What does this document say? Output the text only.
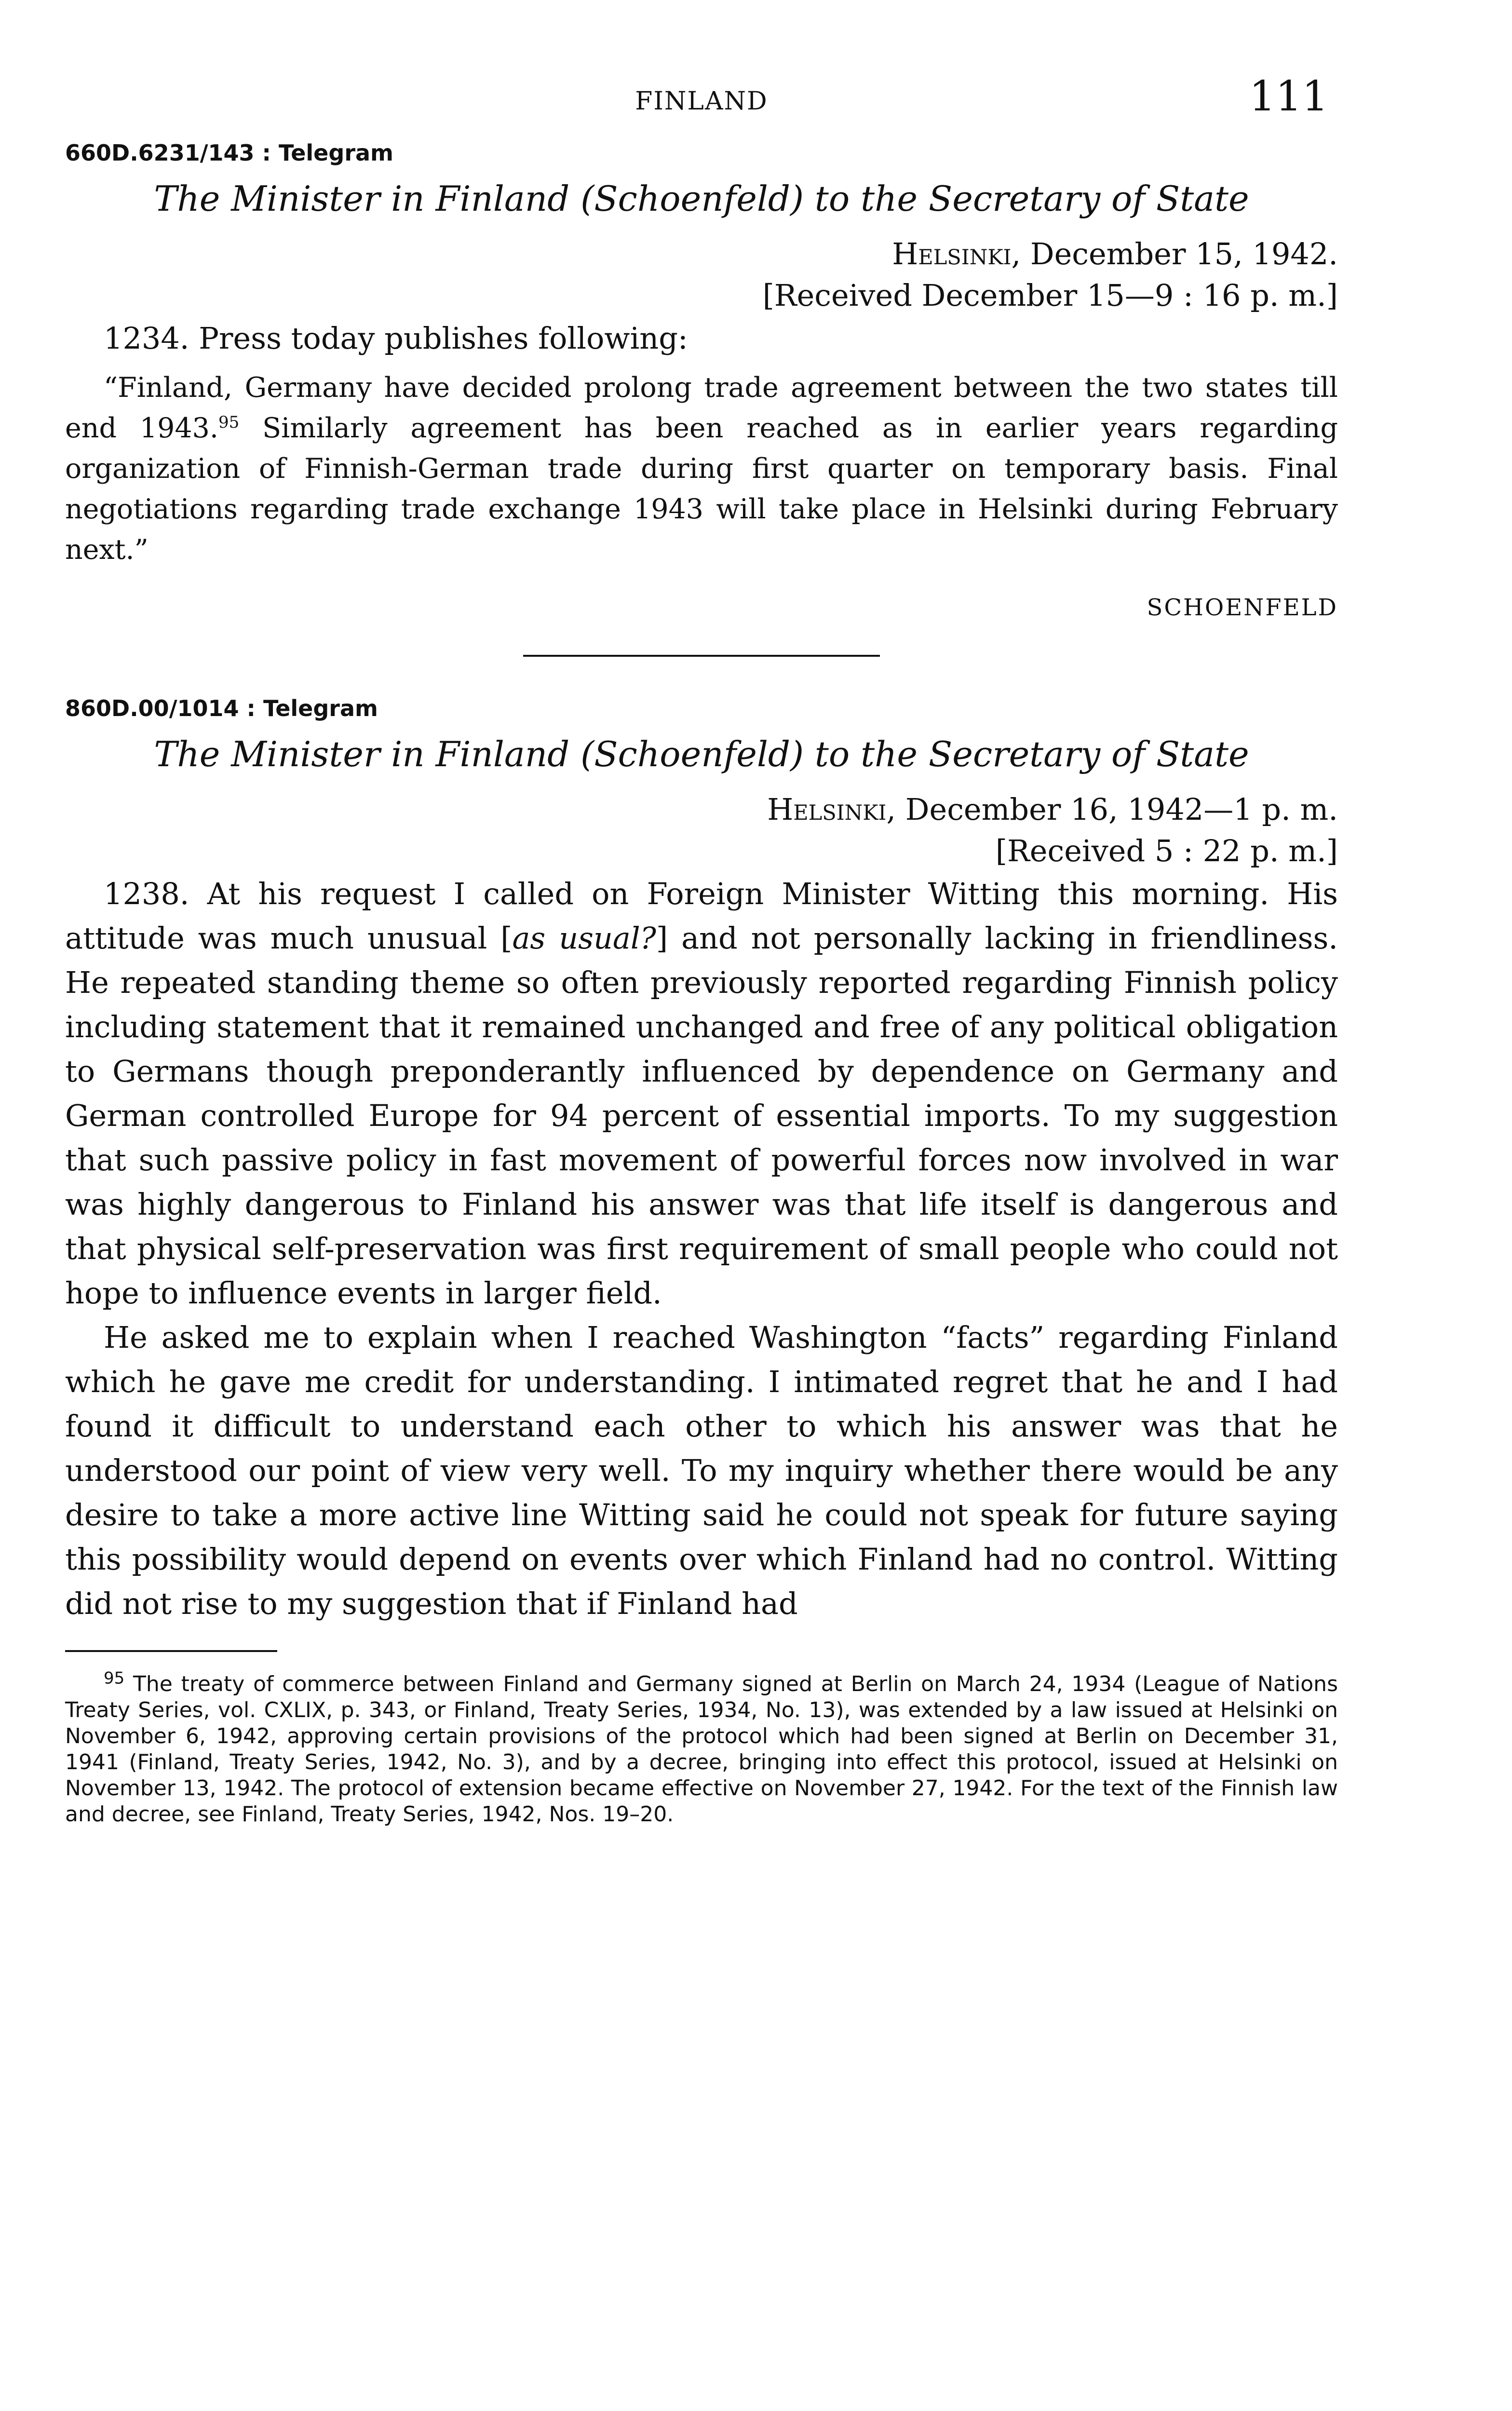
FINLAND	111

660D.6231/143 : Telegram

The Minister in Finland (Schoenfeld) to the Secretary of State

Helsinki, December 15, 1942.
[Received December 15—9 : 16 p. m.]

1234. Press today publishes following:

“Finland, Germany have decided prolong trade agreement between the two states till end 1943.95 Similarly agreement has been reached as in earlier years regarding organization of Finnish-German trade during first quarter on temporary basis. Final negotiations regarding trade exchange 1943 will take place in Helsinki during February next.”

SCHOENFELD

860D.00/1014 : Telegram

The Minister in Finland (Schoenfeld) to the Secretary of State

Helsinki, December 16, 1942—1 p. m.
[Received 5 : 22 p. m.]

1238. At his request I called on Foreign Minister Witting this morning. His attitude was much unusual [as usual?] and not personally lacking in friendliness. He repeated standing theme so often previously reported regarding Finnish policy including statement that it remained unchanged and free of any political obligation to Germans though preponderantly influenced by dependence on Germany and German controlled Europe for 94 percent of essential imports. To my suggestion that such passive policy in fast movement of powerful forces now involved in war was highly dangerous to Finland his answer was that life itself is dangerous and that physical self-preservation was first requirement of small people who could not hope to influence events in larger field.

He asked me to explain when I reached Washington “facts” regarding Finland which he gave me credit for understanding. I intimated regret that he and I had found it difficult to understand each other to which his answer was that he understood our point of view very well. To my inquiry whether there would be any desire to take a more active line Witting said he could not speak for future saying this possibility would depend on events over which Finland had no control. Witting did not rise to my suggestion that if Finland had

$^{95}$ The treaty of commerce between Finland and Germany signed at Berlin on March 24, 1934 (League of Nations Treaty Series, vol. CXLIX, p. 343, or Finland, Treaty Series, 1934, No. 13), was extended by a law issued at Helsinki on November 6, 1942, approving certain provisions of the protocol which had been signed at Berlin on December 31, 1941 (Finland, Treaty Series, 1942, No. 3), and by a decree, bringing into effect this protocol, issued at Helsinki on November 13, 1942. The protocol of extension became effective on November 27, 1942. For the text of the Finnish law and decree, see Finland, Treaty Series, 1942, Nos. 19–20.
